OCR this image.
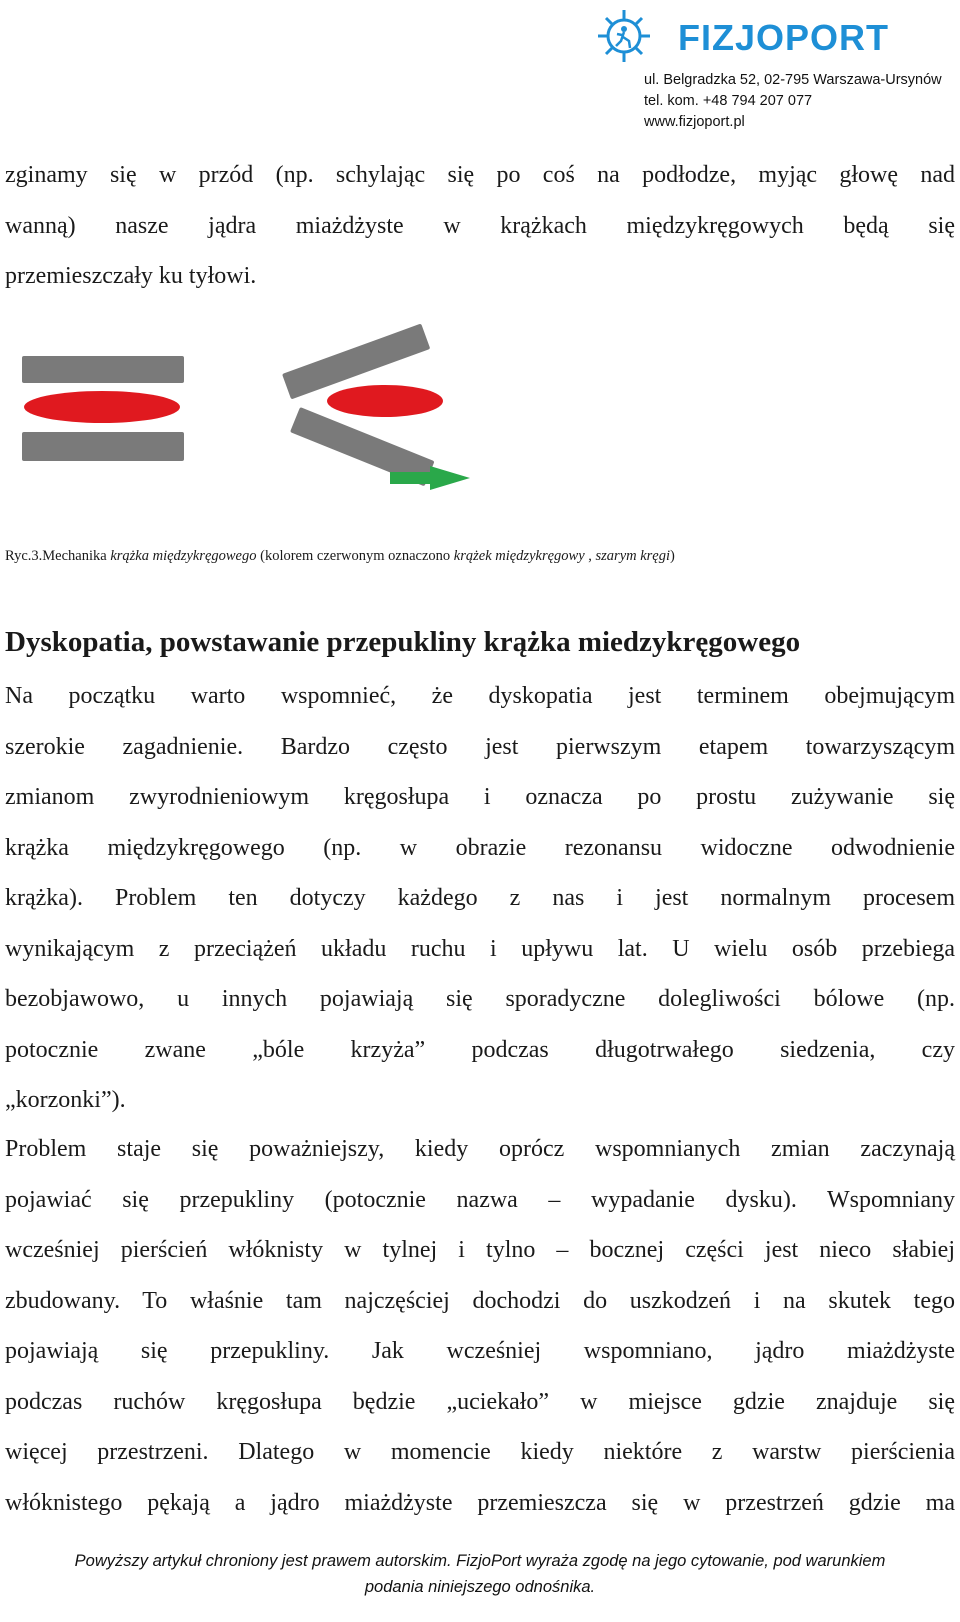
FIZJOPORT
ul. Belgradzka 52, 02-795 Warszawa-Ursynów
tel. kom. +48 794 207 077
www.fizjoport.pl
zginamy się w przód (np. schylając się po coś na podłodze, myjąc głowę nad
wanną) nasze jądra miażdżyste w krążkach międzykręgowych będą się
przemieszczały ku tyłowi.
Ryc.3.Mechanika krążka międzykręgowego (kolorem czerwonym oznaczono krążek międzykręgowy , szarym kręgi)
Dyskopatia, powstawanie przepukliny krążka miedzykręgowego
Na początku warto wspomnieć, że dyskopatia jest terminem obejmującym
szerokie zagadnienie. Bardzo często jest pierwszym etapem towarzyszącym
zmianom zwyrodnieniowym kręgosłupa i oznacza po prostu zużywanie się
krążka międzykręgowego (np. w obrazie rezonansu widoczne odwodnienie
krążka). Problem ten dotyczy każdego z nas i jest normalnym procesem
wynikającym z przeciążeń układu ruchu i upływu lat. U wielu osób przebiega
bezobjawowo, u innych pojawiają się sporadyczne dolegliwości bólowe (np.
potocznie zwane „bóle krzyża” podczas długotrwałego siedzenia, czy
„korzonki”).
Problem staje się poważniejszy, kiedy oprócz wspomnianych zmian zaczynają
pojawiać się przepukliny (potocznie nazwa – wypadanie dysku). Wspomniany
wcześniej pierścień włóknisty w tylnej i tylno – bocznej części jest nieco słabiej
zbudowany. To właśnie tam najczęściej dochodzi do uszkodzeń i na skutek tego
pojawiają się przepukliny. Jak wcześniej wspomniano, jądro miażdżyste
podczas ruchów kręgosłupa będzie „uciekało” w miejsce gdzie znajduje się
więcej przestrzeni. Dlatego w momencie kiedy niektóre z warstw pierścienia
włóknistego pękają a jądro miażdżyste przemieszcza się w przestrzeń gdzie ma
Powyższy artykuł chroniony jest prawem autorskim. FizjoPort wyraża zgodę na jego cytowanie, pod warunkiem
podania niniejszego odnośnika.
